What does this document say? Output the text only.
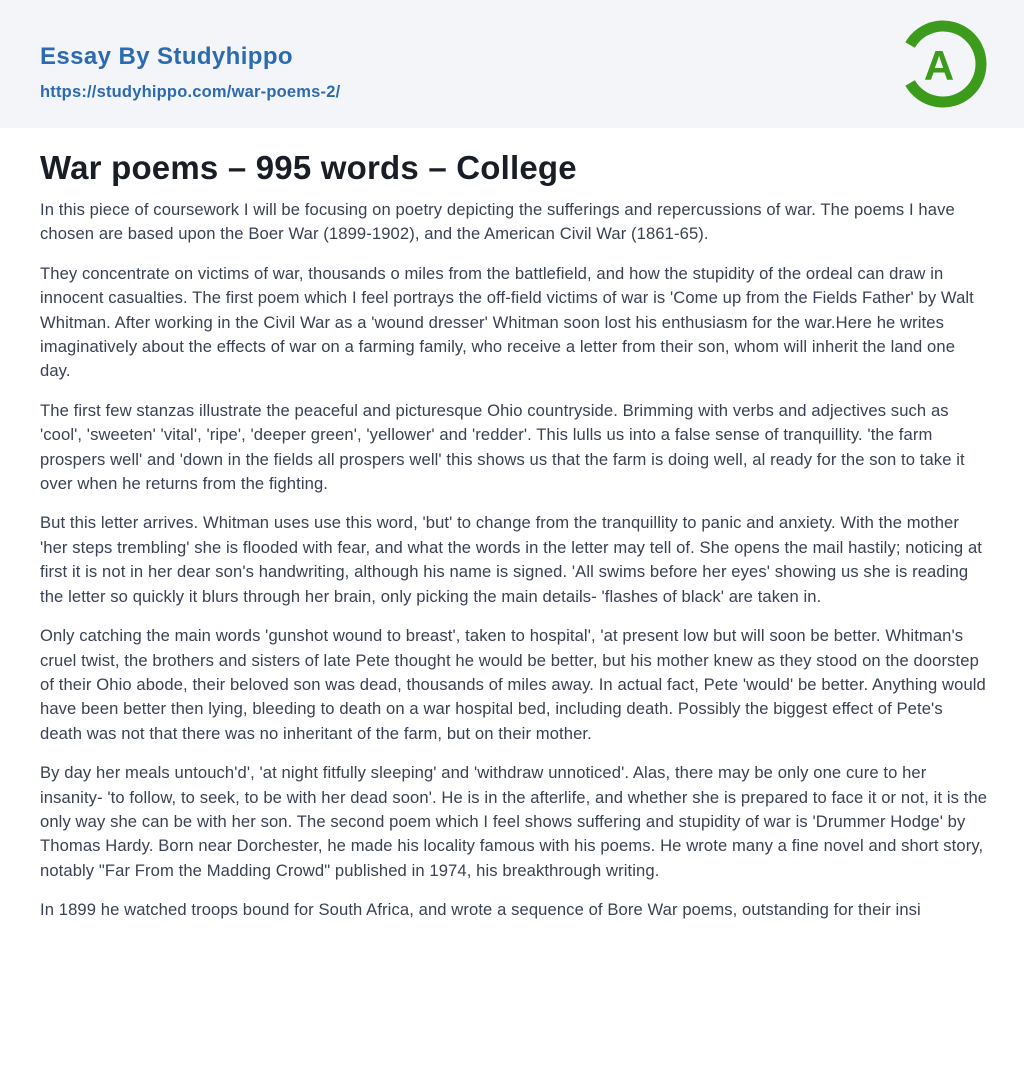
Essay By Studyhippo
https://studyhippo.com/war-poems-2/
A
War poems – 995 words – College

In this piece of coursework I will be focusing on poetry depicting the sufferings and repercussions of war. The poems I have chosen are based upon the Boer War (1899-1902), and the American Civil War (1861-65).

They concentrate on victims of war, thousands o miles from the battlefield, and how the stupidity of the ordeal can draw in innocent casualties. The first poem which I feel portrays the off-field victims of war is 'Come up from the Fields Father' by Walt Whitman. After working in the Civil War as a 'wound dresser' Whitman soon lost his enthusiasm for the war.Here he writes imaginatively about the effects of war on a farming family, who receive a letter from their son, whom will inherit the land one day.

The first few stanzas illustrate the peaceful and picturesque Ohio countryside. Brimming with verbs and adjectives such as 'cool', 'sweeten' 'vital', 'ripe', 'deeper green', 'yellower' and 'redder'. This lulls us into a false sense of tranquillity. 'the farm prospers well' and 'down in the fields all prospers well' this shows us that the farm is doing well, al ready for the son to take it over when he returns from the fighting.

But this letter arrives. Whitman uses use this word, 'but' to change from the tranquillity to panic and anxiety. With the mother 'her steps trembling' she is flooded with fear, and what the words in the letter may tell of. She opens the mail hastily; noticing at first it is not in her dear son's handwriting, although his name is signed. 'All swims before her eyes' showing us she is reading the letter so quickly it blurs through her brain, only picking the main details- 'flashes of black' are taken in.

Only catching the main words 'gunshot wound to breast', taken to hospital', 'at present low but will soon be better. Whitman's cruel twist, the brothers and sisters of late Pete thought he would be better, but his mother knew as they stood on the doorstep of their Ohio abode, their beloved son was dead, thousands of miles away. In actual fact, Pete 'would' be better. Anything would have been better then lying, bleeding to death on a war hospital bed, including death. Possibly the biggest effect of Pete's death was not that there was no inheritant of the farm, but on their mother.

By day her meals untouch'd', 'at night fitfully sleeping' and 'withdraw unnoticed'. Alas, there may be only one cure to her insanity- 'to follow, to seek, to be with her dead soon'. He is in the afterlife, and whether she is prepared to face it or not, it is the only way she can be with her son. The second poem which I feel shows suffering and stupidity of war is 'Drummer Hodge' by Thomas Hardy. Born near Dorchester, he made his locality famous with his poems. He wrote many a fine novel and short story, notably "Far From the Madding Crowd" published in 1974, his breakthrough writing.

In 1899 he watched troops bound for South Africa, and wrote a sequence of Bore War poems, outstanding for their insi
